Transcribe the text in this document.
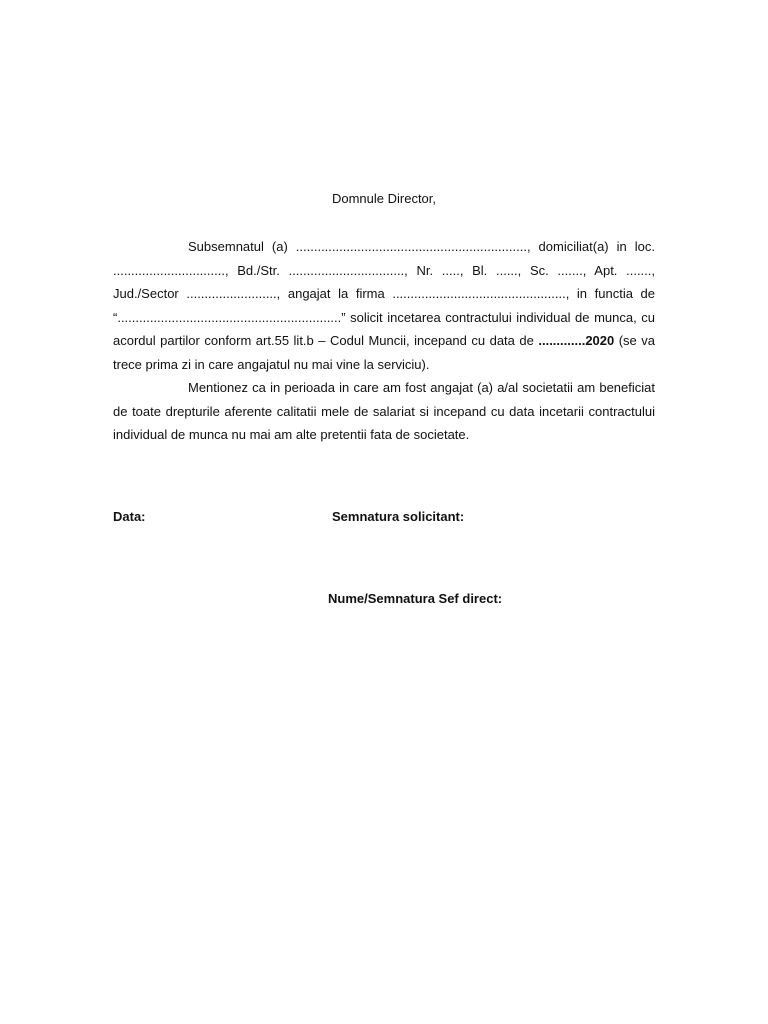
Domnule Director,

Subsemnatul (a) ................................................................, domiciliat(a) in loc. ..............................., Bd./Str. ................................, Nr. ....., Bl. ......, Sc. ......., Apt. ......., Jud./Sector ........................., angajat la firma ................................................, in functia de “..............................................................” solicit incetarea contractului individual de munca, cu acordul partilor conform art.55 lit.b – Codul Muncii, incepand cu data de .............2020 (se va trece prima zi in care angajatul nu mai vine la serviciu).

Mentionez ca in perioada in care am fost angajat (a) a/al societatii am beneficiat de toate drepturile aferente calitatii mele de salariat si incepand cu data incetarii contractului individual de munca nu mai am alte pretentii fata de societate.

Data:	Semnatura solicitant:
Nume/Semnatura Sef direct:
